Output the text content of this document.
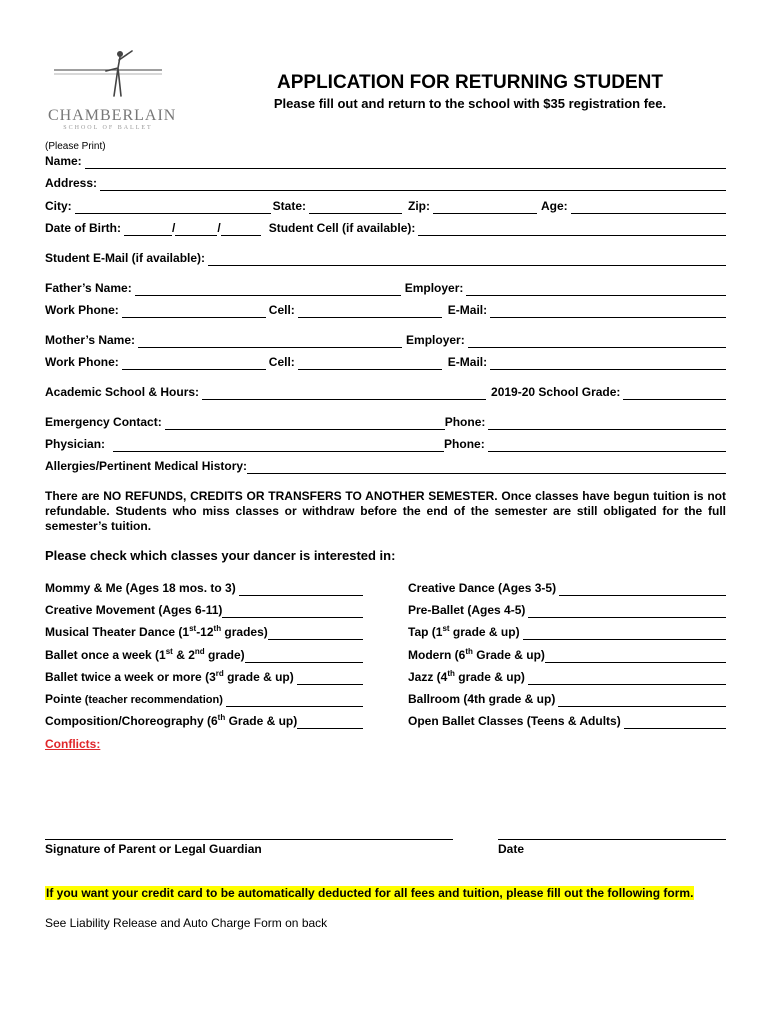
CHAMBERLAIN
SCHOOL OF BALLET
APPLICATION FOR RETURNING STUDENT
Please fill out and return to the school with $35 registration fee.
(Please Print)
Name:
Address:
City:	State:	Zip:	Age:
Date of Birth:	/	/	Student Cell (if available):
Student E-Mail (if available):
Father’s Name:	Employer:
Work Phone:	Cell:	E-Mail:
Mother’s Name:	Employer:
Work Phone:	Cell:	E-Mail:
Academic School & Hours:	2019-20 School Grade:
Emergency Contact:	Phone:
Physician:	Phone:
Allergies/Pertinent Medical History:
There are NO REFUNDS, CREDITS OR TRANSFERS TO ANOTHER SEMESTER. Once classes have begun tuition is not refundable. Students who miss classes or withdraw before the end of the semester are still obligated for the full semester’s tuition.
Please check which classes your dancer is interested in:
Mommy & Me (Ages 18 mos. to 3)
Creative Movement (Ages 6-11)
Musical Theater Dance (1st-12th grades)
Ballet once a week (1st & 2nd grade)
Ballet twice a week or more (3rd grade & up)
Pointe (teacher recommendation)
Composition/Choreography (6th Grade & up)
Creative Dance (Ages 3-5)
Pre-Ballet (Ages 4-5)
Tap (1st grade & up)
Modern (6th Grade & up)
Jazz (4th grade & up)
Ballroom (4th grade & up)
Open Ballet Classes (Teens & Adults)
Conflicts:
Signature of Parent or Legal Guardian	Date
If you want your credit card to be automatically deducted for all fees and tuition, please fill out the following form.
See Liability Release and Auto Charge Form on back
